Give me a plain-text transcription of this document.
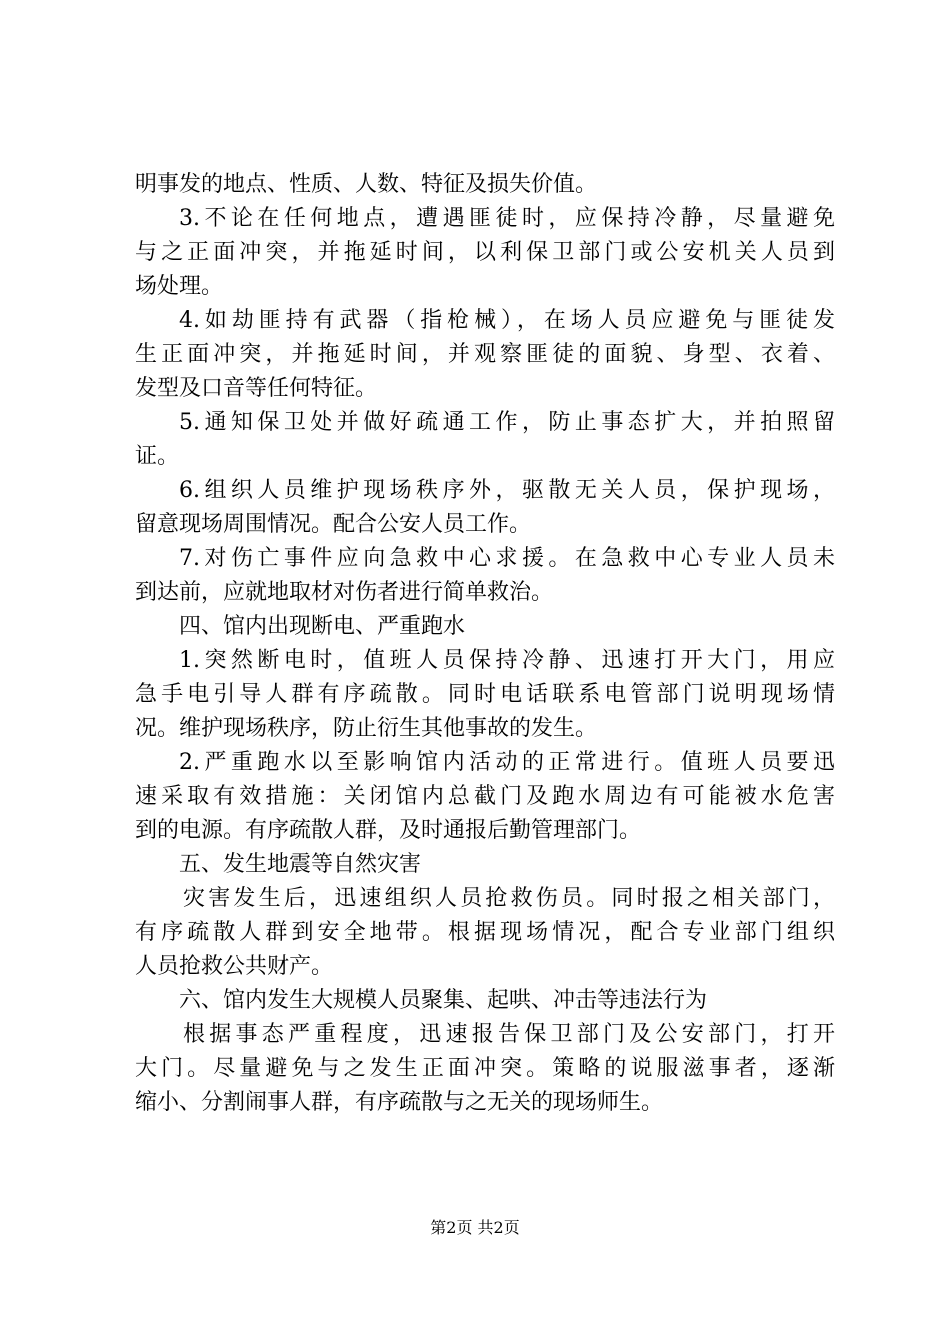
明事发的地点、性质、人数、特征及损失价值。
3.不论在任何地点，遭遇匪徒时，应保持冷静，尽量避免
与之正面冲突，并拖延时间，以利保卫部门或公安机关人员到
场处理。
4.如劫匪持有武器（指枪械），在场人员应避免与匪徒发
生正面冲突，并拖延时间，并观察匪徒的面貌、身型、衣着、
发型及口音等任何特征。
5.通知保卫处并做好疏通工作，防止事态扩大，并拍照留
证。
6.组织人员维护现场秩序外，驱散无关人员，保护现场，
留意现场周围情况。配合公安人员工作。
7.对伤亡事件应向急救中心求援。在急救中心专业人员未
到达前，应就地取材对伤者进行简单救治。
四、馆内出现断电、严重跑水
1.突然断电时，值班人员保持冷静、迅速打开大门，用应
急手电引导人群有序疏散。同时电话联系电管部门说明现场情
况。维护现场秩序，防止衍生其他事故的发生。
2.严重跑水以至影响馆内活动的正常进行。值班人员要迅
速采取有效措施：关闭馆内总截门及跑水周边有可能被水危害
到的电源。有序疏散人群，及时通报后勤管理部门。
五、发生地震等自然灾害
灾害发生后，迅速组织人员抢救伤员。同时报之相关部门，
有序疏散人群到安全地带。根据现场情况，配合专业部门组织
人员抢救公共财产。
六、馆内发生大规模人员聚集、起哄、冲击等违法行为
根据事态严重程度，迅速报告保卫部门及公安部门，打开
大门。尽量避免与之发生正面冲突。策略的说服滋事者，逐渐
缩小、分割闹事人群，有序疏散与之无关的现场师生。
第2页 共2页
